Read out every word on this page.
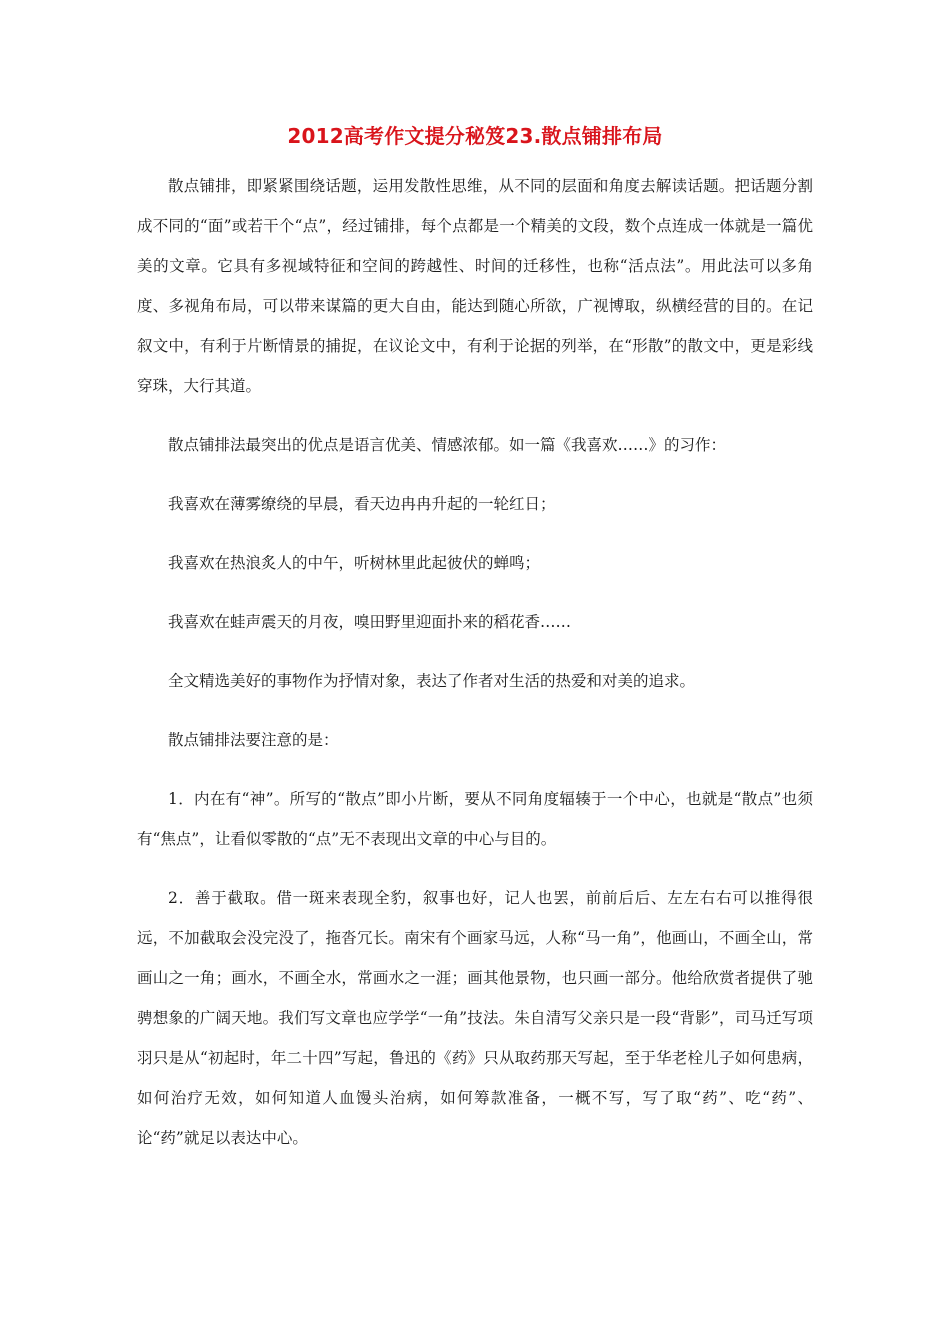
2012高考作文提分秘笈23.散点铺排布局

散点铺排，即紧紧围绕话题，运用发散性思维，从不同的层面和角度去解读话题。把话题分割成不同的“面”或若干个“点”，经过铺排，每个点都是一个精美的文段，数个点连成一体就是一篇优美的文章。它具有多视域特征和空间的跨越性、时间的迁移性，也称“活点法”。用此法可以多角度、多视角布局，可以带来谋篇的更大自由，能达到随心所欲，广视博取，纵横经营的目的。在记叙文中，有利于片断情景的捕捉，在议论文中，有利于论据的列举，在“形散”的散文中，更是彩线穿珠，大行其道。

散点铺排法最突出的优点是语言优美、情感浓郁。如一篇《我喜欢……》的习作：

我喜欢在薄雾缭绕的早晨，看天边冉冉升起的一轮红日；

我喜欢在热浪炙人的中午，听树林里此起彼伏的蝉鸣；

我喜欢在蛙声震天的月夜，嗅田野里迎面扑来的稻花香……

全文精选美好的事物作为抒情对象，表达了作者对生活的热爱和对美的追求。

散点铺排法要注意的是：

1．内在有“神”。所写的“散点”即小片断，要从不同角度辐辏于一个中心，也就是“散点”也须有“焦点”，让看似零散的“点”无不表现出文章的中心与目的。

2．善于截取。借一斑来表现全豹，叙事也好，记人也罢，前前后后、左左右右可以推得很远，不加截取会没完没了，拖沓冗长。南宋有个画家马远，人称“马一角”，他画山，不画全山，常画山之一角；画水，不画全水，常画水之一涯；画其他景物，也只画一部分。他给欣赏者提供了驰骋想象的广阔天地。我们写文章也应学学“一角”技法。朱自清写父亲只是一段“背影”，司马迁写项羽只是从“初起时，年二十四”写起，鲁迅的《药》只从取药那天写起，至于华老栓儿子如何患病，如何治疗无效，如何知道人血馒头治病，如何筹款准备，一概不写，写了取“药”、吃“药”、论“药”就足以表达中心。
